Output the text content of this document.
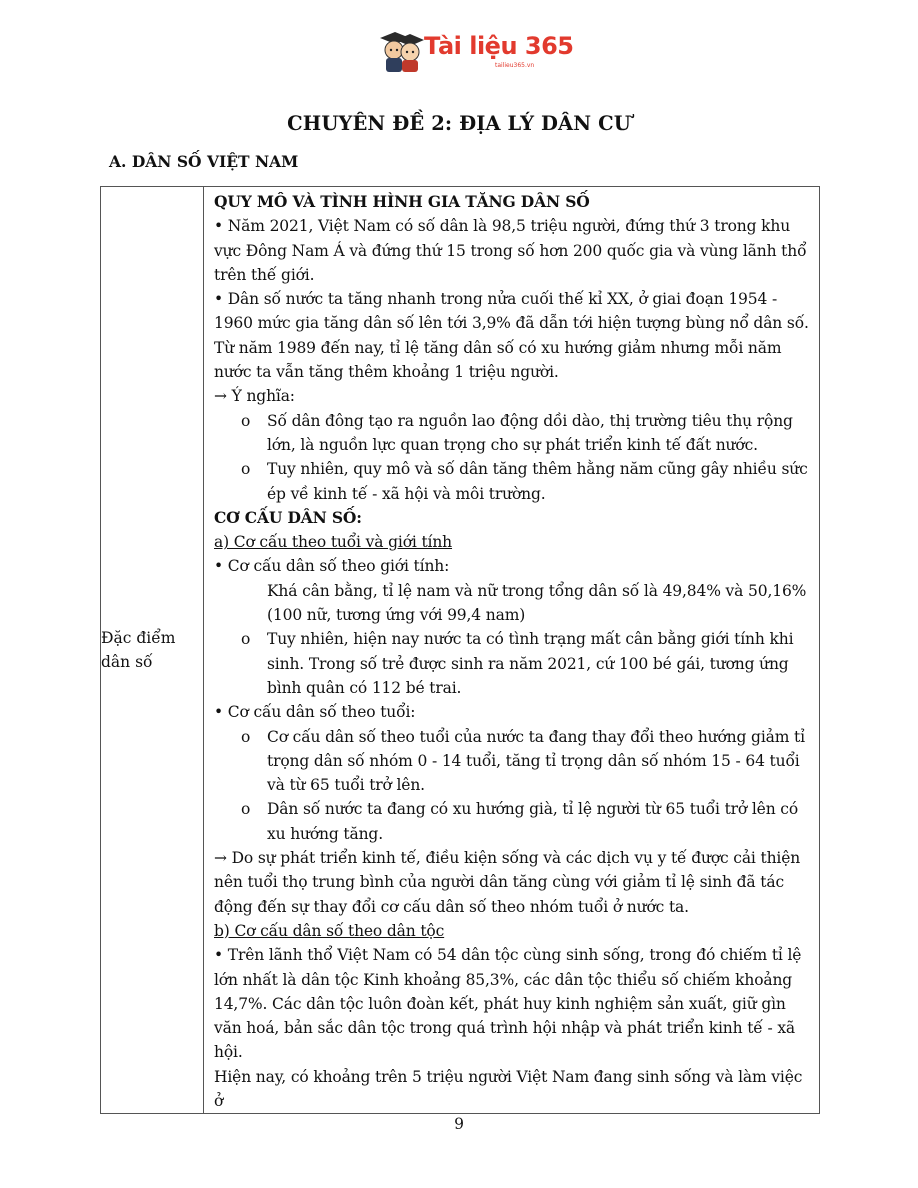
Tài liệu 365
tailieu365.vn
CHUYÊN ĐỀ 2: ĐỊA LÝ DÂN CƯ
A. DÂN SỐ VIỆT NAM
Đặc điểm dân số	

QUY MÔ VÀ TÌNH HÌNH GIA TĂNG DÂN SỐ

• Năm 2021, Việt Nam có số dân là 98,5 triệu người, đứng thứ 3 trong khu vực Đông Nam Á và đứng thứ 15 trong số hơn 200 quốc gia và vùng lãnh thổ trên thế giới.

• Dân số nước ta tăng nhanh trong nửa cuối thế kỉ XX, ở giai đoạn 1954 - 1960 mức gia tăng dân số lên tới 3,9% đã dẫn tới hiện tượng bùng nổ dân số. Từ năm 1989 đến nay, tỉ lệ tăng dân số có xu hướng giảm nhưng mỗi năm nước ta vẫn tăng thêm khoảng 1 triệu người.

→ Ý nghĩa:

o Số dân đông tạo ra nguồn lao động dồi dào, thị trường tiêu thụ rộng lớn, là nguồn lực quan trọng cho sự phát triển kinh tế đất nước.

o Tuy nhiên, quy mô và số dân tăng thêm hằng năm cũng gây nhiều sức ép về kinh tế - xã hội và môi trường.

CƠ CẤU DÂN SỐ:

a) Cơ cấu theo tuổi và giới tính

• Cơ cấu dân số theo giới tính:

Khá cân bằng, tỉ lệ nam và nữ trong tổng dân số là 49,84% và 50,16% (100 nữ, tương ứng với 99,4 nam)

o Tuy nhiên, hiện nay nước ta có tình trạng mất cân bằng giới tính khi sinh. Trong số trẻ được sinh ra năm 2021, cứ 100 bé gái, tương ứng bình quân có 112 bé trai.

• Cơ cấu dân số theo tuổi:

o Cơ cấu dân số theo tuổi của nước ta đang thay đổi theo hướng giảm tỉ trọng dân số nhóm 0 - 14 tuổi, tăng tỉ trọng dân số nhóm 15 - 64 tuổi và từ 65 tuổi trở lên.

o Dân số nước ta đang có xu hướng già, tỉ lệ người từ 65 tuổi trở lên có xu hướng tăng.

→ Do sự phát triển kinh tế, điều kiện sống và các dịch vụ y tế được cải thiện nên tuổi thọ trung bình của người dân tăng cùng với giảm tỉ lệ sinh đã tác động đến sự thay đổi cơ cấu dân số theo nhóm tuổi ở nước ta.

b) Cơ cấu dân số theo dân tộc

• Trên lãnh thổ Việt Nam có 54 dân tộc cùng sinh sống, trong đó chiếm tỉ lệ lớn nhất là dân tộc Kinh khoảng 85,3%, các dân tộc thiểu số chiếm khoảng 14,7%. Các dân tộc luôn đoàn kết, phát huy kinh nghiệm sản xuất, giữ gìn văn hoá, bản sắc dân tộc trong quá trình hội nhập và phát triển kinh tế - xã hội.

Hiện nay, có khoảng trên 5 triệu người Việt Nam đang sinh sống và làm việc ở

9
